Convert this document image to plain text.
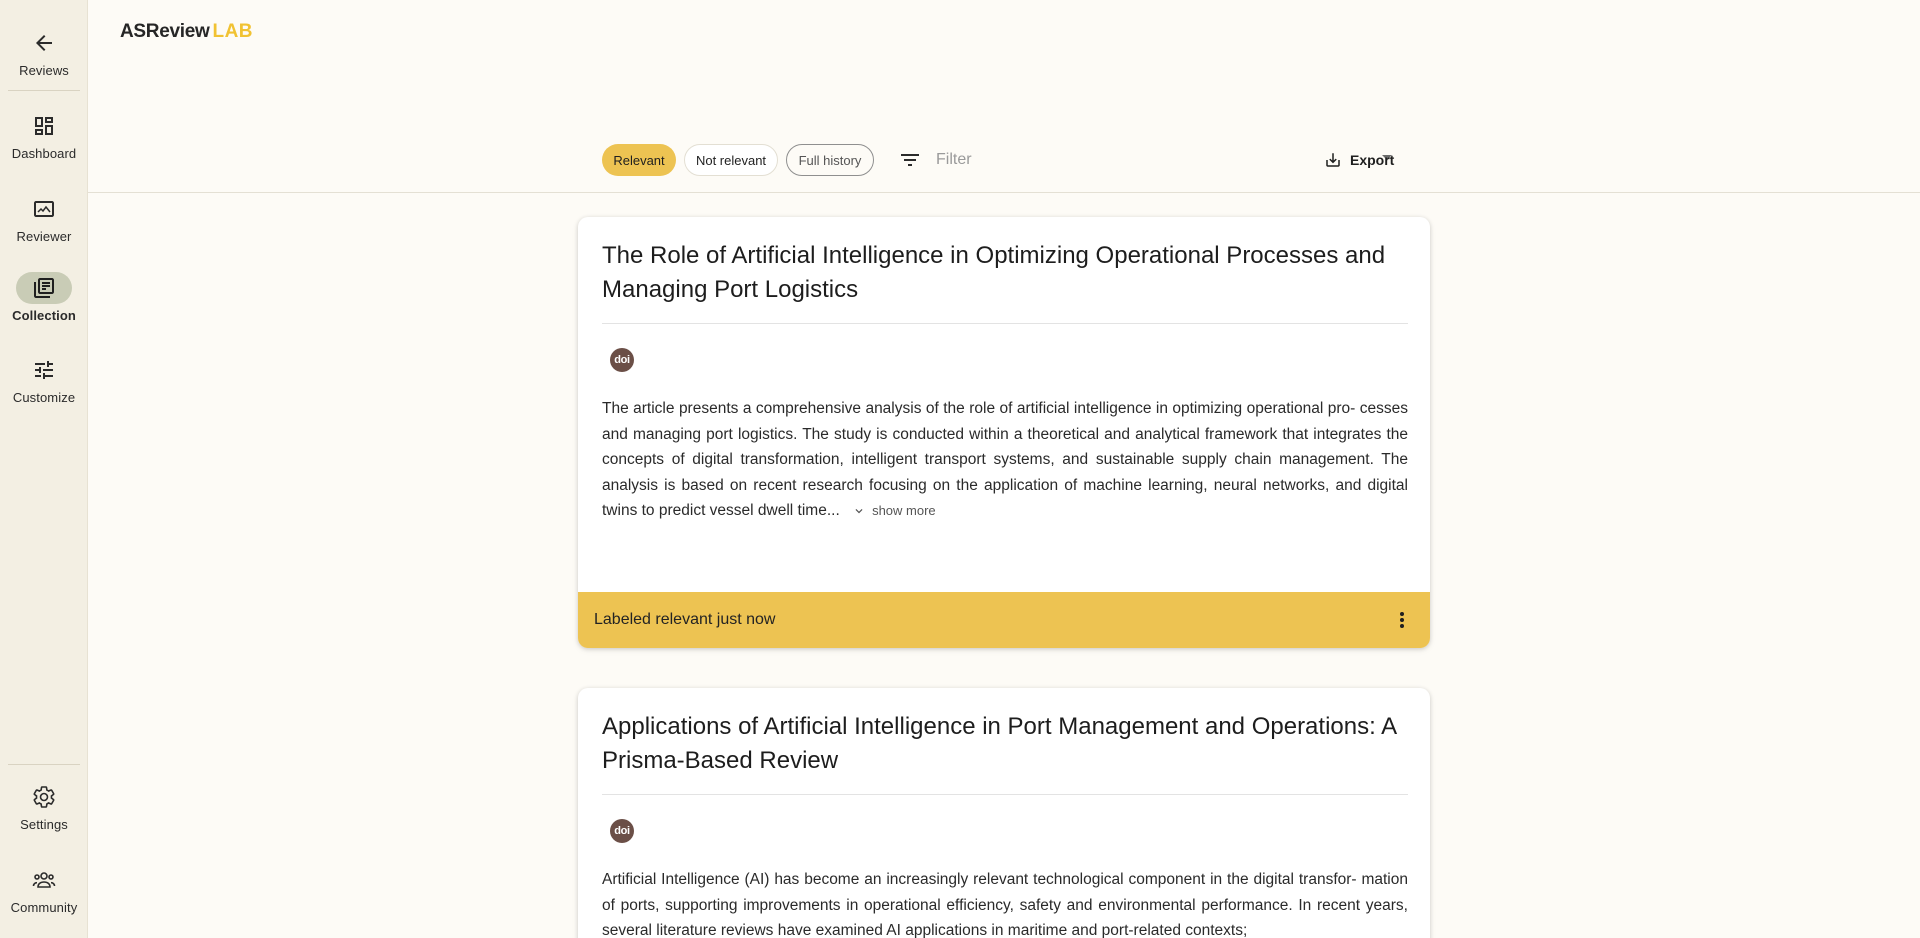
Reviews
Dashboard
Reviewer
Collection
Customize
Settings
Community
ASReview LAB
Relevant	Not relevant	Full history	Filter	Export
The Role of Artificial Intelligence in Optimizing Operational Processes and Managing Port Logistics
doi
The article presents a comprehensive analysis of the role of artificial intelligence in optimizing operational pro- cesses and managing port logistics. The study is conducted within a theoretical and analytical framework that integrates the concepts of digital transformation, intelligent transport systems, and sustainable supply chain management. The analysis is based on recent research focusing on the application of machine learning, neural networks, and digital twins to predict vessel dwell time... show more
Labeled relevant just now
Applications of Artificial Intelligence in Port Management and Operations: A Prisma-Based Review
doi
Artificial Intelligence (AI) has become an increasingly relevant technological component in the digital transfor- mation of ports, supporting improvements in operational efficiency, safety and environmental performance. In recent years, several literature reviews have examined AI applications in maritime and port-related contexts;
